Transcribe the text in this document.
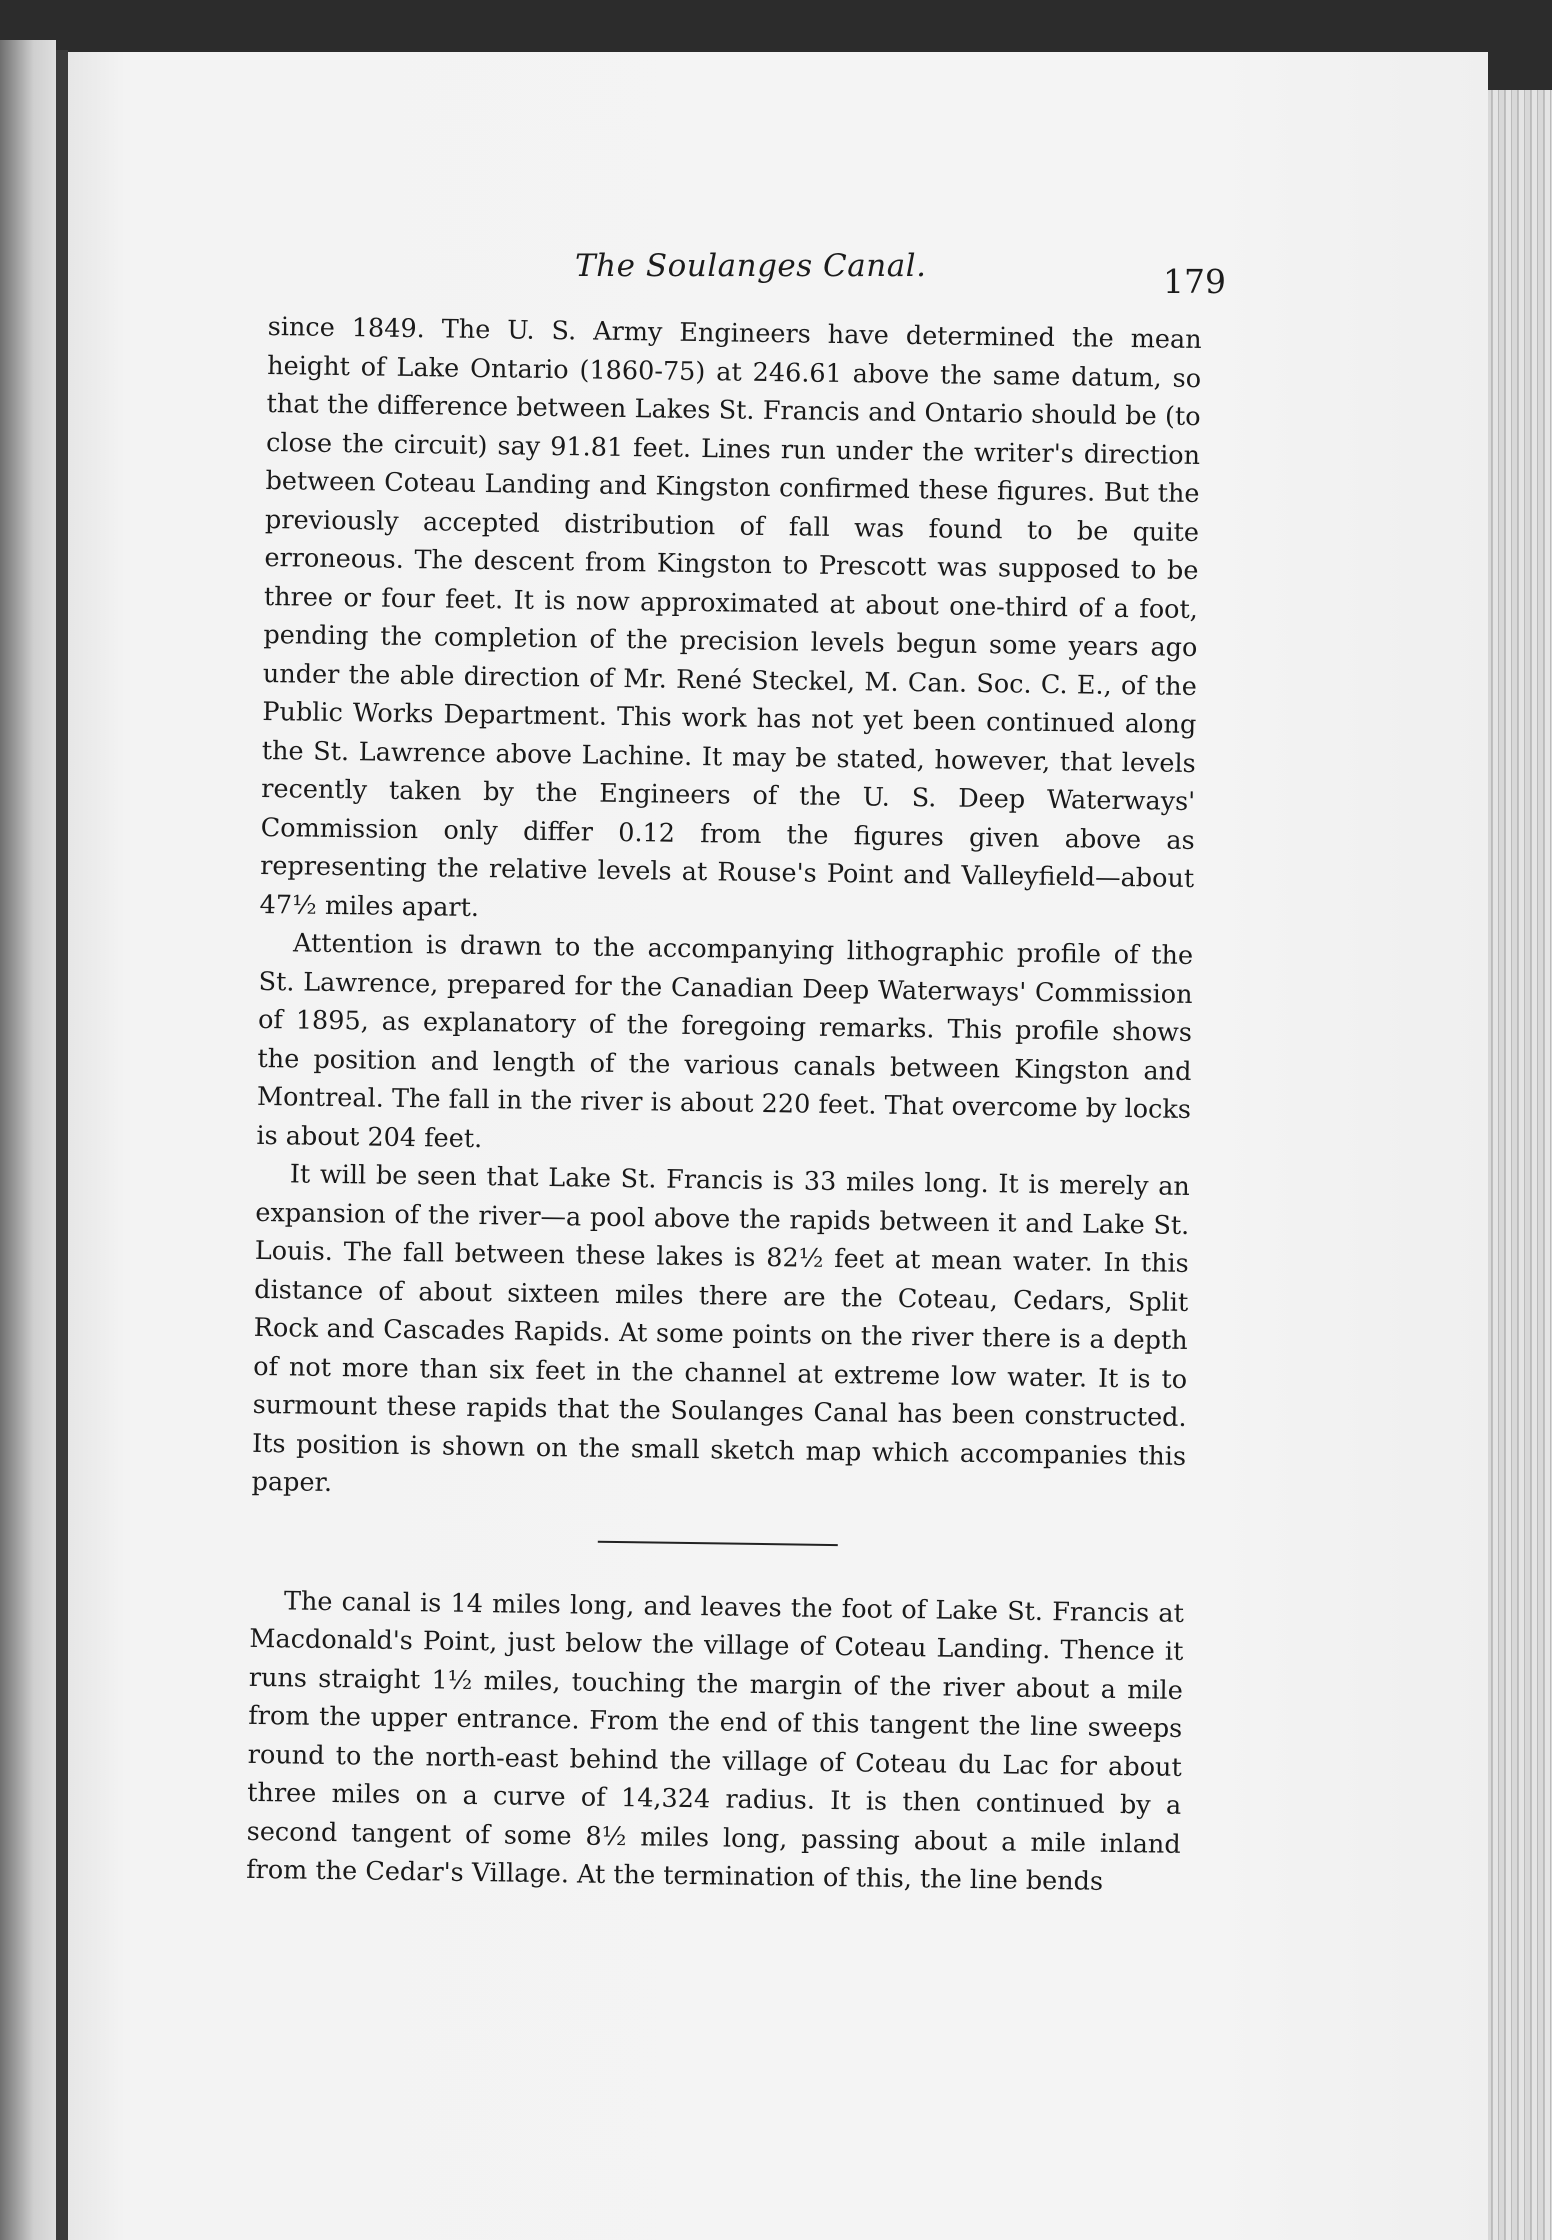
The Soulanges Canal.	179

since 1849. The U. S. Army Engineers have determined the mean height of Lake Ontario (1860-75) at 246.61 above the same datum, so that the difference between Lakes St. Francis and Ontario should be (to close the circuit) say 91.81 feet. Lines run under the writer's direction between Coteau Landing and Kingston confirmed these figures. But the previously accepted distribution of fall was found to be quite erroneous. The descent from Kingston to Prescott was supposed to be three or four feet. It is now approximated at about one-third of a foot, pending the completion of the precision levels begun some years ago under the able direction of Mr. René Steckel, M. Can. Soc. C. E., of the Public Works Department. This work has not yet been continued along the St. Lawrence above Lachine. It may be stated, however, that levels recently taken by the Engineers of the U. S. Deep Waterways' Commission only differ 0.12 from the figures given above as representing the relative levels at Rouse's Point and Valleyfield—about 47½ miles apart.

Attention is drawn to the accompanying lithographic profile of the St. Lawrence, prepared for the Canadian Deep Waterways' Commission of 1895, as explanatory of the foregoing remarks. This profile shows the position and length of the various canals between Kingston and Montreal. The fall in the river is about 220 feet. That overcome by locks is about 204 feet.

It will be seen that Lake St. Francis is 33 miles long. It is merely an expansion of the river—a pool above the rapids between it and Lake St. Louis. The fall between these lakes is 82½ feet at mean water. In this distance of about sixteen miles there are the Coteau, Cedars, Split Rock and Cascades Rapids. At some points on the river there is a depth of not more than six feet in the channel at extreme low water. It is to surmount these rapids that the Soulanges Canal has been constructed. Its position is shown on the small sketch map which accompanies this paper.

The canal is 14 miles long, and leaves the foot of Lake St. Francis at Macdonald's Point, just below the village of Coteau Landing. Thence it runs straight 1½ miles, touching the margin of the river about a mile from the upper entrance. From the end of this tangent the line sweeps round to the north-east behind the village of Coteau du Lac for about three miles on a curve of 14,324 radius. It is then continued by a second tangent of some 8½ miles long, passing about a mile inland from the Cedar's Village. At the termination of this, the line bends
